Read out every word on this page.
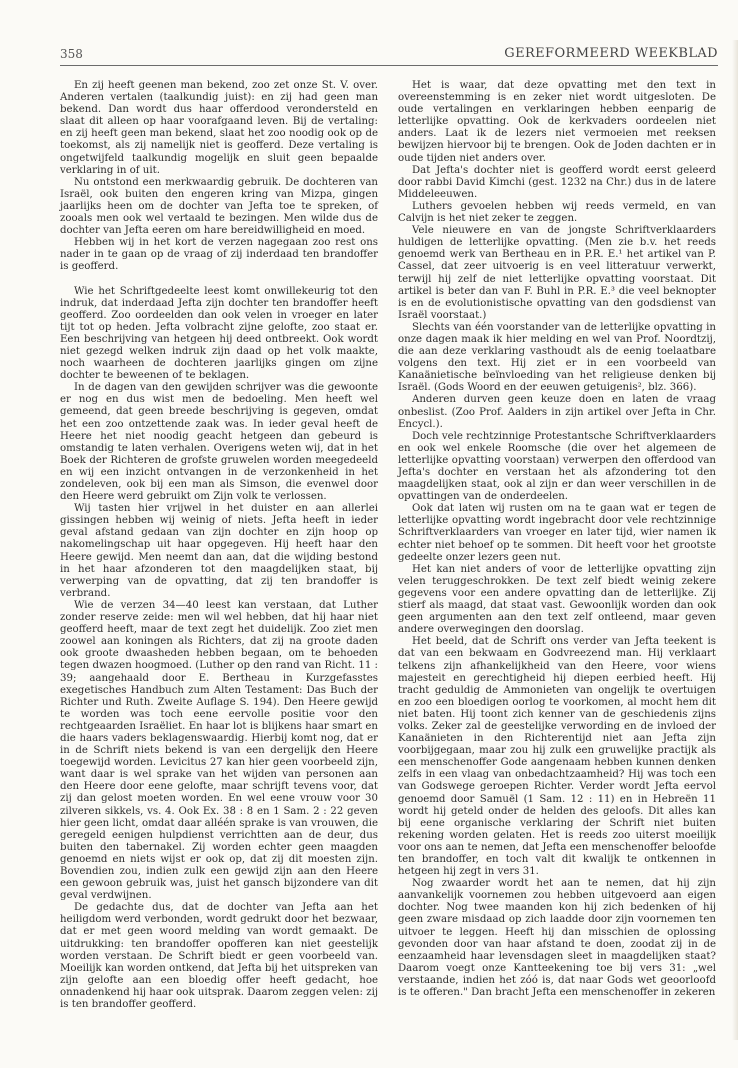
358	GEREFORMEERD WEEKBLAD

En zij heeft geenen man bekend, zoo zet onze St. V. over. Anderen vertalen (taalkundig juist): en zij had geen man bekend. Dan wordt dus haar offerdood verondersteld en slaat dit alleen op haar voorafgaand leven. Bij de vertaling: en zij heeft geen man bekend, slaat het zoo noodig ook op de toekomst, als zij namelijk niet is geofferd. Deze vertaling is ongetwijfeld taalkundig mogelijk en sluit geen bepaalde verklaring in of uit.

Nu ontstond een merkwaardig gebruik. De dochteren van Israël, ook buiten den engeren kring van Mizpa, gingen jaarlijks heen om de dochter van Jefta toe te spreken, of zooals men ook wel vertaald te bezingen. Men wilde dus de dochter van Jefta eeren om hare bereidwilligheid en moed.

Hebben wij in het kort de verzen nagegaan zoo rest ons nader in te gaan op de vraag of zij inderdaad ten brandoffer is geofferd.

Wie het Schriftgedeelte leest komt onwillekeurig tot den indruk, dat inderdaad Jefta zijn dochter ten brandoffer heeft geofferd. Zoo oordeelden dan ook velen in vroeger en later tijt tot op heden. Jefta volbracht zijne gelofte, zoo staat er. Een beschrijving van hetgeen hij deed ontbreekt. Ook wordt niet gezegd welken indruk zijn daad op het volk maakte, noch waarheen de dochteren jaarlijks gingen om zijne dochter te beweenen of te beklagen.

In de dagen van den gewijden schrijver was die gewoonte er nog en dus wist men de bedoeling. Men heeft wel gemeend, dat geen breede beschrijving is gegeven, omdat het een zoo ontzettende zaak was. In ieder geval heeft de Heere het niet noodig geacht hetgeen dan gebeurd is omstandig te laten verhalen. Overigens weten wij, dat in het Boek der Richteren de grofste gruwelen worden meegedeeld en wij een inzicht ontvangen in de verzonkenheid in het zondeleven, ook bij een man als Simson, die evenwel door den Heere werd gebruikt om Zijn volk te verlossen.

Wij tasten hier vrijwel in het duister en aan allerlei gissingen hebben wij weinig of niets. Jefta heeft in ieder geval afstand gedaan van zijn dochter en zijn hoop op nakomelingschap uit haar opgegeven. Hij heeft haar den Heere gewijd. Men neemt dan aan, dat die wijding bestond in het haar afzonderen tot den maagdelijken staat, bij verwerping van de opvatting, dat zij ten brandoffer is verbrand.

Wie de verzen 34—40 leest kan verstaan, dat Luther zonder reserve zeide: men wil wel hebben, dat hij haar niet geofferd heeft, maar de text zegt het duidelijk. Zoo ziet men zoowel aan koningen als Richters, dat zij na groote daden ook groote dwaasheden hebben begaan, om te behoeden tegen dwazen hoogmoed. (Luther op den rand van Richt. 11 : 39; aangehaald door E. Bertheau in Kurzgefasstes exegetisches Handbuch zum Alten Testament: Das Buch der Richter und Ruth. Zweite Auflage S. 194). Den Heere gewijd te worden was toch eene eervolle positie voor den rechtgeaarden Israëliet. En haar lot is blijkens haar smart en die haars vaders beklagenswaardig. Hierbij komt nog, dat er in de Schrift niets bekend is van een dergelijk den Heere toegewijd worden. Levicitus 27 kan hier geen voorbeeld zijn, want daar is wel sprake van het wijden van personen aan den Heere door eene gelofte, maar schrijft tevens voor, dat zij dan gelost moeten worden. En wel eene vrouw voor 30 zilveren sikkels, vs. 4. Ook Ex. 38 : 8 en 1 Sam. 2 : 22 geven hier geen licht, omdat daar alléén sprake is van vrouwen, die geregeld eenigen hulpdienst verrichtten aan de deur, dus buiten den tabernakel. Zij worden echter geen maagden genoemd en niets wijst er ook op, dat zij dit moesten zijn. Bovendien zou, indien zulk een gewijd zijn aan den Heere een gewoon gebruik was, juist het gansch bijzondere van dit geval verdwijnen.

De gedachte dus, dat de dochter van Jefta aan het heiligdom werd verbonden, wordt gedrukt door het bezwaar, dat er met geen woord melding van wordt gemaakt. De uitdrukking: ten brandoffer opofferen kan niet geestelijk worden verstaan. De Schrift biedt er geen voorbeeld van. Moeilijk kan worden ontkend, dat Jefta bij het uitspreken van zijn gelofte aan een bloedig offer heeft gedacht, hoe onnadenkend hij haar ook uitsprak. Daarom zeggen velen: zij is ten brandoffer geofferd.

Het is waar, dat deze opvatting met den text in overeenstemming is en zeker niet wordt uitgesloten. De oude vertalingen en verklaringen hebben eenparig de letterlijke opvatting. Ook de kerkvaders oordeelen niet anders. Laat ik de lezers niet vermoeien met reeksen bewijzen hiervoor bij te brengen. Ook de Joden dachten er in oude tijden niet anders over.

Dat Jefta's dochter niet is geofferd wordt eerst geleerd door rabbi David Kimchi (gest. 1232 na Chr.) dus in de latere Middeleeuwen.

Luthers gevoelen hebben wij reeds vermeld, en van Calvijn is het niet zeker te zeggen.

Vele nieuwere en van de jongste Schriftverklaarders huldigen de letterlijke opvatting. (Men zie b.v. het reeds genoemd werk van Bertheau en in P.R. E.¹ het artikel van P. Cassel, dat zeer uitvoerig is en veel litteratuur verwerkt, terwijl hij zelf de niet letterlijke opvatting voorstaat. Dit artikel is beter dan van F. Buhl in P.R. E.³ die veel beknopter is en de evolutionistische opvatting van den godsdienst van Israël voorstaat.)

Slechts van één voorstander van de letterlijke opvatting in onze dagen maak ik hier melding en wel van Prof. Noordtzij, die aan deze verklaring vasthoudt als de eenig toelaatbare volgens den text. Hij ziet er in een voorbeeld van Kanaänietische beïnvloeding van het religieuse denken bij Israël. (Gods Woord en der eeuwen getuigenis², blz. 366).

Anderen durven geen keuze doen en laten de vraag onbeslist. (Zoo Prof. Aalders in zijn artikel over Jefta in Chr. Encycl.).

Doch vele rechtzinnige Protestantsche Schriftverklaarders en ook wel enkele Roomsche (die over het algemeen de letterlijke opvatting voorstaan) verwerpen den offerdood van Jefta's dochter en verstaan het als afzondering tot den maagdelijken staat, ook al zijn er dan weer verschillen in de opvattingen van de onderdeelen.

Ook dat laten wij rusten om na te gaan wat er tegen de letterlijke opvatting wordt ingebracht door vele rechtzinnige Schriftverklaarders van vroeger en later tijd, wier namen ik echter niet behoef op te sommen. Dit heeft voor het grootste gedeelte onzer lezers geen nut.

Het kan niet anders of voor de letterlijke opvatting zijn velen teruggeschrokken. De text zelf biedt weinig zekere gegevens voor een andere opvatting dan de letterlijke. Zij stierf als maagd, dat staat vast. Gewoonlijk worden dan ook geen argumenten aan den text zelf ontleend, maar geven andere overwegingen den doorslag.

Het beeld, dat de Schrift ons verder van Jefta teekent is dat van een bekwaam en Godvreezend man. Hij verklaart telkens zijn afhankelijkheid van den Heere, voor wiens majesteit en gerechtigheid hij diepen eerbied heeft. Hij tracht geduldig de Ammonieten van ongelijk te overtuigen en zoo een bloedigen oorlog te voorkomen, al mocht hem dit niet baten. Hij toont zich kenner van de geschiedenis zijns volks. Zeker zal de geestelijke verwording en de invloed der Kanaänieten in den Richterentijd niet aan Jefta zijn voorbijgegaan, maar zou hij zulk een gruwelijke practijk als een menschenoffer Gode aangenaam hebben kunnen denken zelfs in een vlaag van onbedachtzaamheid? Hij was toch een van Godswege geroepen Richter. Verder wordt Jefta eervol genoemd door Samuël (1 Sam. 12 : 11) en in Hebreën 11 wordt hij geteld onder de helden des geloofs. Dit alles kan bij eene organische verklaring der Schrift niet buiten rekening worden gelaten. Het is reeds zoo uiterst moeilijk voor ons aan te nemen, dat Jefta een menschenoffer beloofde ten brandoffer, en toch valt dit kwalijk te ontkennen in hetgeen hij zegt in vers 31.

Nog zwaarder wordt het aan te nemen, dat hij zijn aanvankelijk voornemen zou hebben uitgevoerd aan eigen dochter. Nog twee maanden kon hij zich bedenken of hij geen zware misdaad op zich laadde door zijn voornemen ten uitvoer te leggen. Heeft hij dan misschien de oplossing gevonden door van haar afstand te doen, zoodat zij in de eenzaamheid haar levensdagen sleet in maagdelijken staat? Daarom voegt onze Kantteekening toe bij vers 31: „wel verstaande, indien het zóó is, dat naar Gods wet geoorloofd is te offeren." Dan bracht Jefta een menschenoffer in zekeren
